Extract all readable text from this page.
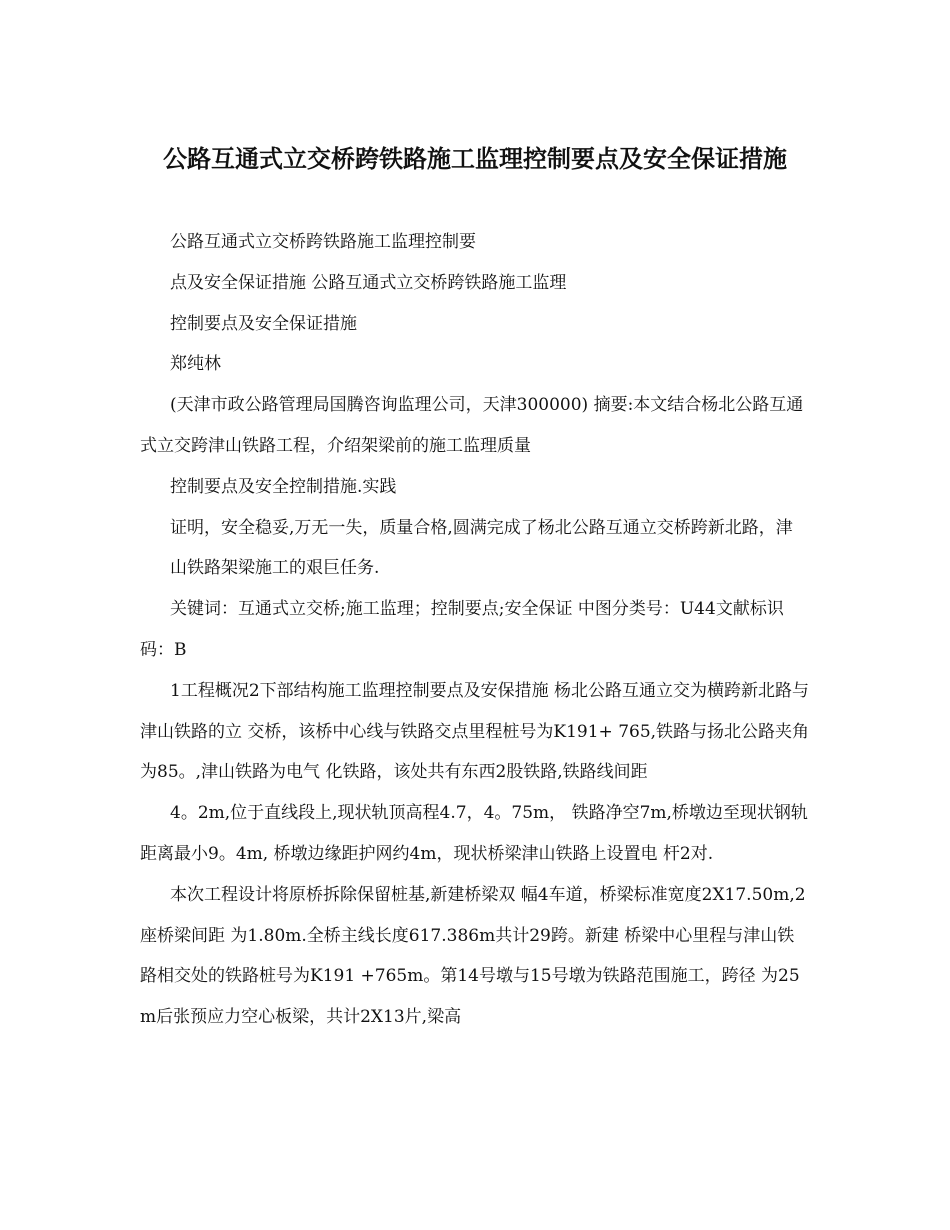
公路互通式立交桥跨铁路施工监理控制要点及安全保证措施

公路互通式立交桥跨铁路施工监理控制要

点及安全保证措施 公路互通式立交桥跨铁路施工监理

控制要点及安全保证措施

郑纯林

(天津市政公路管理局国腾咨询监理公司，天津300000) 摘要:本文结合杨北公路互通式立交跨津山铁路工程，介绍架梁前的施工监理质量

控制要点及安全控制措施.实践

证明，安全稳妥,万无一失，质量合格,圆满完成了杨北公路互通立交桥跨新北路，津

山铁路架梁施工的艰巨任务.

关键词：互通式立交桥;施工监理；控制要点;安全保证 中图分类号：U44文献标识码：B

1工程概况2下部结构施工监理控制要点及安保措施 杨北公路互通立交为横跨新北路与津山铁路的立 交桥，该桥中心线与铁路交点里程桩号为K191+ 765,铁路与扬北公路夹角为85。,津山铁路为电气 化铁路，该处共有东西2股铁路,铁路线间距

4。2m,位于直线段上,现状轨顶高程4.7，4。75m， 铁路净空7m,桥墩边至现状钢轨距离最小9。4m, 桥墩边缘距护网约4m，现状桥梁津山铁路上设置电 杆2对.

本次工程设计将原桥拆除保留桩基,新建桥梁双 幅4车道，桥梁标准宽度2X17.50m,2座桥梁间距 为1.80m.全桥主线长度617.386m共计29跨。新建 桥梁中心里程与津山铁路相交处的铁路桩号为K191 +765m。第14号墩与15号墩为铁路范围施工，跨径 为25m后张预应力空心板梁，共计2X13片,梁高
